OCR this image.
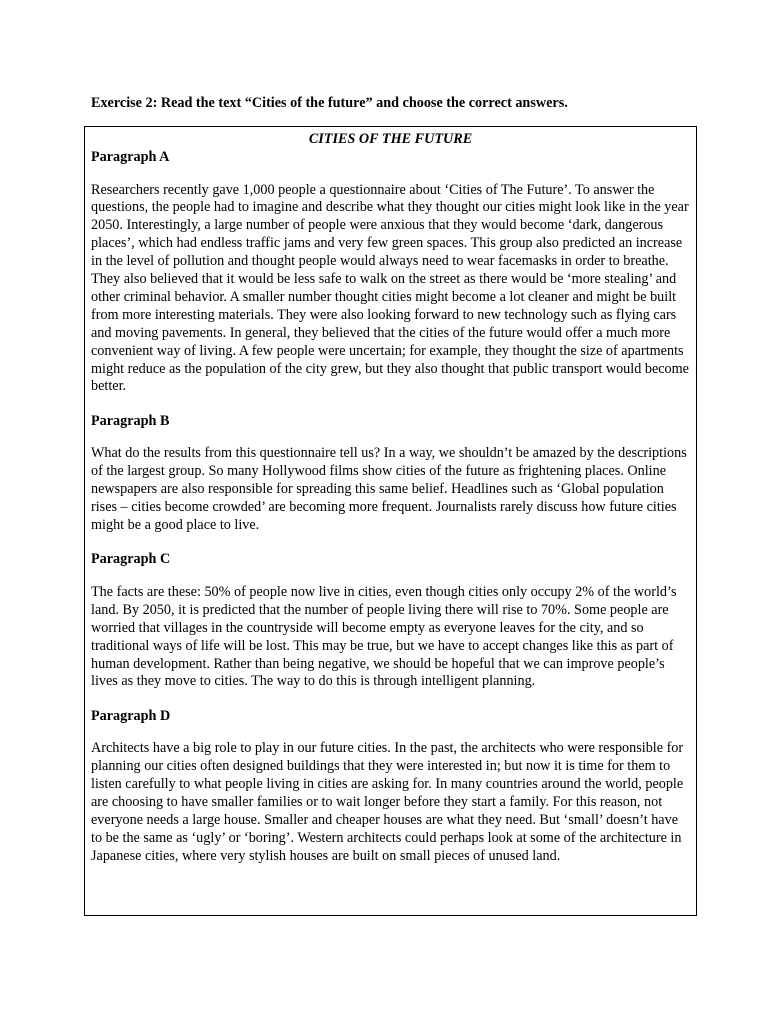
Exercise 2: Read the text “Cities of the future” and choose the correct answers.
CITIES OF THE FUTURE
Paragraph A

Researchers recently gave 1,000 people a questionnaire about ‘Cities of The Future’. To answer the questions, the people had to imagine and describe what they thought our cities might look like in the year 2050. Interestingly, a large number of people were anxious that they would become ‘dark, dangerous places’, which had endless traffic jams and very few green spaces. This group also predicted an increase in the level of pollution and thought people would always need to wear facemasks in order to breathe. They also believed that it would be less safe to walk on the street as there would be ‘more stealing’ and other criminal behavior. A smaller number thought cities might become a lot cleaner and might be built from more interesting materials. They were also looking forward to new technology such as flying cars and moving pavements. In general, they believed that the cities of the future would offer a much more convenient way of living. A few people were uncertain; for example, they thought the size of apartments might reduce as the population of the city grew, but they also thought that public transport would become better.

Paragraph B

What do the results from this questionnaire tell us? In a way, we shouldn’t be amazed by the descriptions of the largest group. So many Hollywood films show cities of the future as frightening places. Online newspapers are also responsible for spreading this same belief. Headlines such as ‘Global population rises – cities become crowded’ are becoming more frequent. Journalists rarely discuss how future cities might be a good place to live.

Paragraph C

The facts are these: 50% of people now live in cities, even though cities only occupy 2% of the world’s land. By 2050, it is predicted that the number of people living there will rise to 70%. Some people are worried that villages in the countryside will become empty as everyone leaves for the city, and so traditional ways of life will be lost. This may be true, but we have to accept changes like this as part of human development. Rather than being negative, we should be hopeful that we can improve people’s lives as they move to cities. The way to do this is through intelligent planning.

Paragraph D

Architects have a big role to play in our future cities. In the past, the architects who were responsible for planning our cities often designed buildings that they were interested in; but now it is time for them to listen carefully to what people living in cities are asking for. In many countries around the world, people are choosing to have smaller families or to wait longer before they start a family. For this reason, not everyone needs a large house. Smaller and cheaper houses are what they need. But ‘small’ doesn’t have to be the same as ‘ugly’ or ‘boring’. Western architects could perhaps look at some of the architecture in Japanese cities, where very stylish houses are built on small pieces of unused land.
